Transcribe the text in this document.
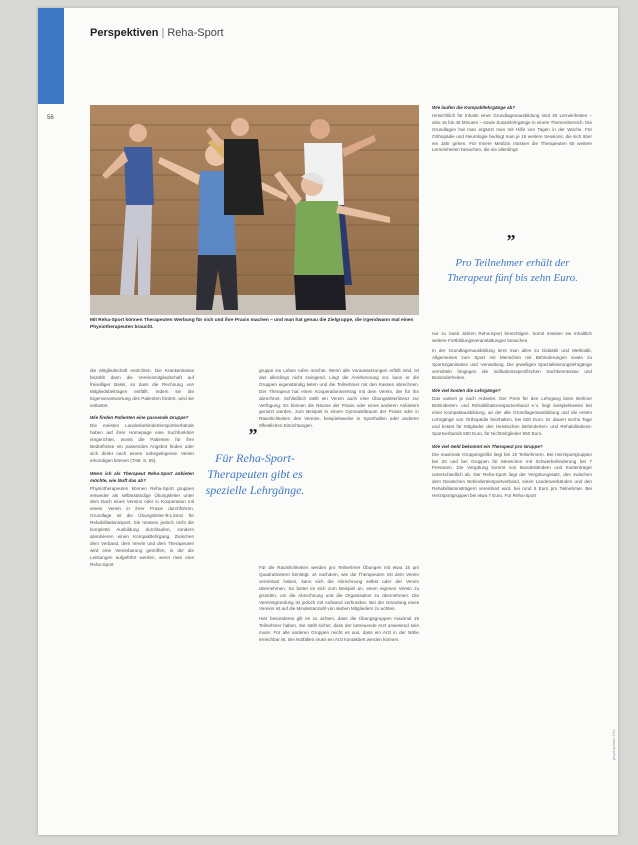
Perspektiven | Reha-Sport
56
Mit Reha-Sport können Therapeuten Werbung für sich und ihre Praxis machen – und man hat genau die Zielgruppe, die irgendwann mal einen Physiotherapeuten braucht.

die Mitgliedschaft entrichten. Die Krankenkasse bezahlt dann die Vereinsmitgliedschaft auf freiwilliger Basis, so dass die Rechnung von Mitgliedsbeiträgen entfällt. Indem sie die Eigenverantwortung des Patienten fördert, wird sie entlastet.

Wie finden Patienten eine passende Gruppe?

Die meisten Landesbehindertensportverbände haben auf ihrer Homepage eine Suchfunktion eingerichtet, womit die Patienten für ihre Bedürfnisse ein passendes Angebot finden oder sich direkt nach einem nahegelegenen Verein erkundigen können (TAB. S. 55).

Wenn ich als Therapeut Reha-Sport anbieten möchte, wie läuft das ab?

Physiotherapeuten können Reha-Sport gruppen entweder als selbstständige Übungsleiter unter dem Dach eines Vereins oder in Kooperation mit einem Verein in ihrer Praxis durchführen. Grundlage ist die Übungsleiter-B-Lizenz für Rehabilitationssport. Sie müssen jedoch nicht die komplette Ausbildung durchlaufen, sondern absolvieren einen Kompaktlehrgang. Zwischen dem Verband, dem Verein und dem Therapeuten wird eine Vereinbarung getroffen, in der die Leistungen aufgeführt werden, wenn man eine Reha-Sport

”
Für Reha-Sport-Therapeuten gibt es spezielle Lehrgänge.

gruppe ins Leben rufen möchte. Wenn alle Voraussetzungen erfüllt sind, ist das allerdings nicht zwingend. Liegt die Anerkennung vor, kann er die Gruppen eigenständig leiten und die Teilnehmer mit den Kassen abrechnen. Der Therapeut hat einen Kooperationsvertrag mit dem Verein, der für ihn abrechnet. Schließlich stellt ein Verein auch eine Übungsleiterlizenz zur Verfügung. Es können die Räume der Praxis oder eines anderen Anbieters genutzt werden, zum Beispiel in einem Gymnastikraum der Praxis oder in Räumlichkeiten des Vereins, beispielsweise in Sporthallen oder anderen öffentlichen Einrichtungen.

Für die Räumlichkeiten werden pro Teilnehmer Übungen mit etwa 15 qm Quadratmetern benötigt. Je nachdem, wie die Therapeuten mit dem Verein vereinbart haben, kann sich die Abrechnung selbst oder der Verein übernehmen. So bietet es sich zum Beispiel an, einen eigenen Verein zu gründen, um die Abrechnung und die Organisation zu übernehmen. Die Vereinsgründung ist jedoch mit Aufwand verbunden. Bei der Gründung eines Vereins ist auf die Mindestanzahl von sieben Mitgliedern zu achten.

Hier besonderes gilt es zu achten, dass die Übungsgruppen maximal 15 Teilnehmer haben. Sie stellt sicher, dass der betreuende Arzt anwesend sein muss. Für alle anderen Gruppen reicht es aus, dass ein Arzt in der Nähe erreichbar ist. Bei Notfällen muss ein Arzt kontaktiert werden können.

Wie laufen die Kompaktlehrgänge ab?

Hinsichtlich für Inhalte einer Grundlagenausbildung sind 30 Lerneinheiten – also 15 bis 45 Minuten – sowie Zusatzlehrgänge in einem Themenbereich. Die Grundlagen hat man ergänzt man mit Hilfe von Tagen in der Woche. Für Orthopädie und Neurologie bedingt man je 15 weitere Sessions, die sich über ein Jahr gehen. Für Innere Medizin müssen die Therapeuten 60 weitere Lerneinheiten besuchen, die sie allerdings

”
Pro Teilnehmer erhält der Therapeut fünf bis zehn Euro.

nur zu zweit Jahren Reha-Sport berechtigen. Somit müssen sie Inhaltlich weitere Fortbildungsveranstaltungen besuchen.

In der Grundlagenausbildung lernt man alles zu Didaktik und Methodik, Allgemeines zum Sport mit Menschen mit Behinderungen sowie zu Sportorganisation und -verwaltung. Die jeweiligen Spezialisierungslehrgänge vermitteln hingegen die indikationsspezifischen Sachkenntnisse und Besonderheiten.

Wie viel kosten die Lehrgänge?

Das variiert je nach Anbieter. Der Preis für den Lehrgang beim Berliner Behinderten- und Rehabilitationssportverband e.V. liegt beispielsweise bei einer Kompaktausbildung, an der alle Grundlagenausbildung und die ersten Lehrgänge von Orthopädie beinhalten, bei 600 Euro. Er dauert sechs Tage und kostet für Mitglieder des Hessischen Behinderten- und Rehabilitations-Sportverbands 550 Euro, für Nichtmitglieder 850 Euro.

Wie viel Geld bekommt ein Therapeut pro Gruppe?

Die maximale Gruppengröße liegt bei 15 Teilnehmern. Bei Herzsportgruppen bei 20 und bei Gruppen für Menschen mit Schwerbehinderung bei 7 Personen. Die Vergütung kommt von Bundesländern und Kostenträger unterschiedlich ab. Der Reha-Sport liegt der Vergütungssatz, den zwischen dem Deutschen Behindertensportverband, einen Landesverbänden und den Rehabilitationsträgern vereinbart wird, bei rund 5 Euro pro Teilnehmer. Bei Herzsportgruppen bei etwa 7 Euro. Für Reha-Sport

physiopraxis 2/11
